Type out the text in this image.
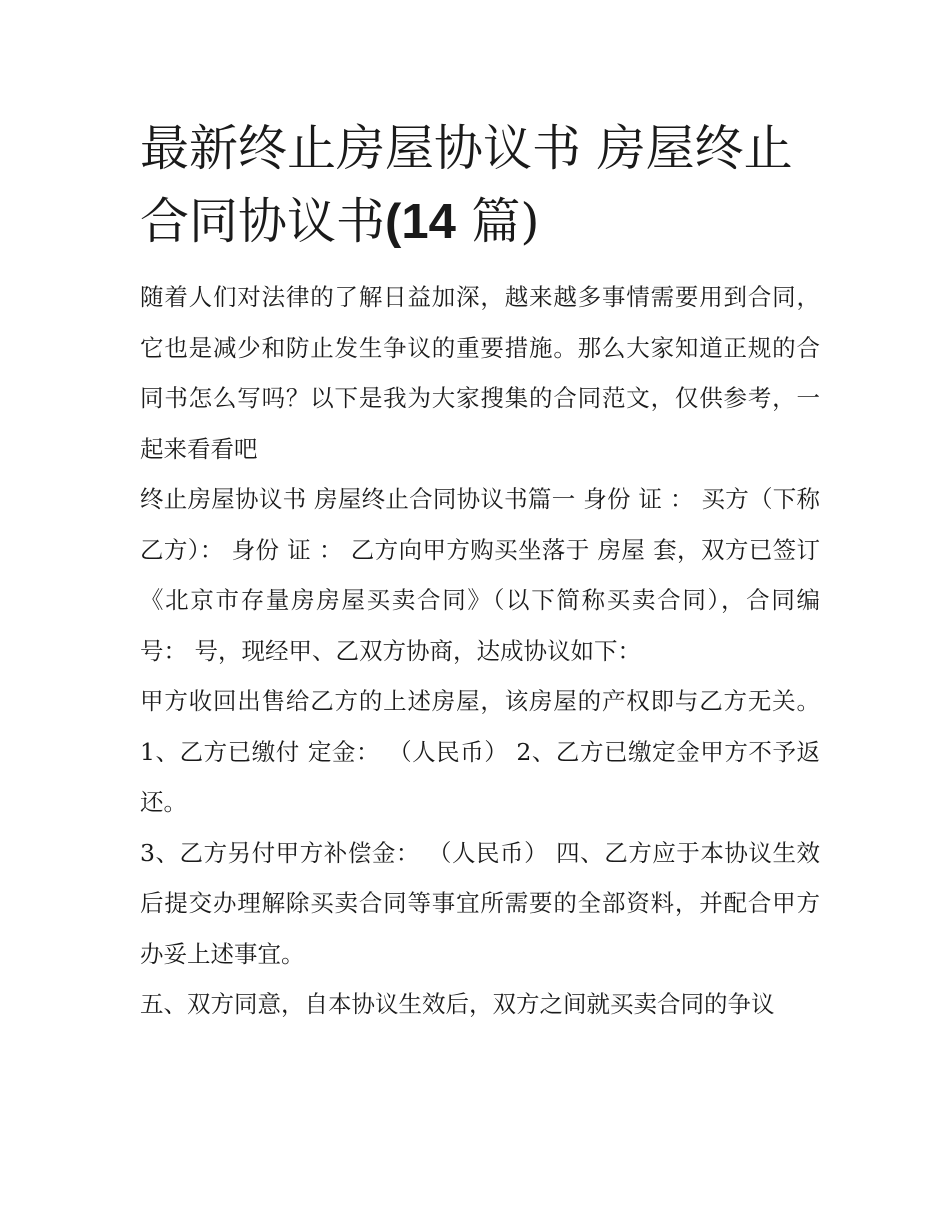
最新终止房屋协议书 房屋终止合同协议书(14 篇)

随着人们对法律的了解日益加深，越来越多事情需要用到合同，它也是减少和防止发生争议的重要措施。那么大家知道正规的合同书怎么写吗？以下是我为大家搜集的合同范文，仅供参考，一起来看看吧

终止房屋协议书 房屋终止合同协议书篇一 身份 证 ： 买方（下称乙方）： 身份 证 ： 乙方向甲方购买坐落于 房屋 套，双方已签订《北京市存量房房屋买卖合同》（以下简称买卖合同），合同编号： 号，现经甲、乙双方协商，达成协议如下：

甲方收回出售给乙方的上述房屋，该房屋的产权即与乙方无关。 1、乙方已缴付 定金： （人民币） 2、乙方已缴定金甲方不予返还。

3、乙方另付甲方补偿金： （人民币） 四、乙方应于本协议生效后提交办理解除买卖合同等事宜所需要的全部资料，并配合甲方办妥上述事宜。

五、双方同意，自本协议生效后，双方之间就买卖合同的争议
